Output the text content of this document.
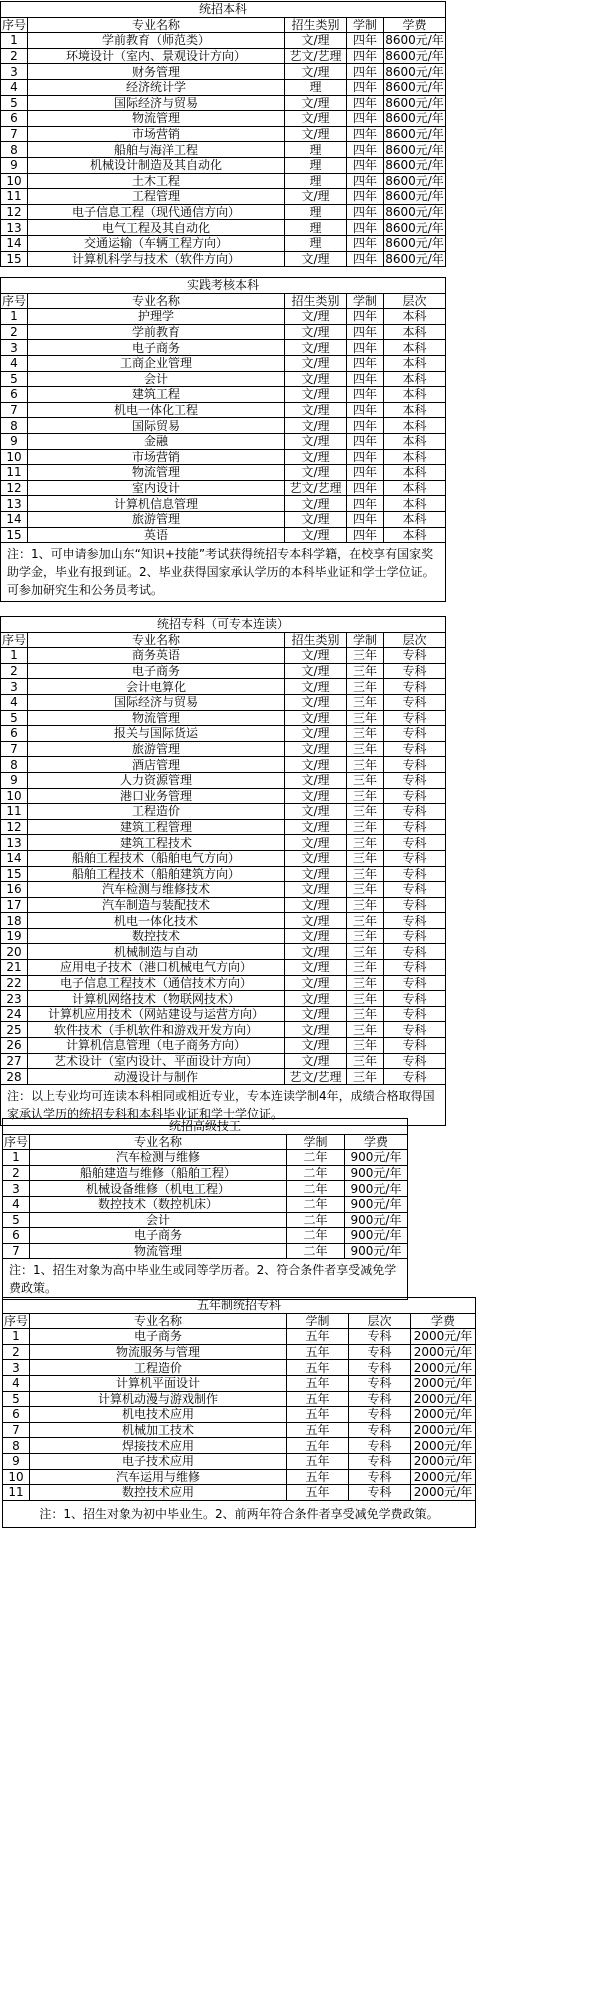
统招本科				
序号	专业名称	招生类别	学制	学费
1	学前教育（师范类）	文/理	四年	8600元/年
2	环境设计（室内、景观设计方向）	艺文/艺理	四年	8600元/年
3	财务管理	文/理	四年	8600元/年
4	经济统计学	理	四年	8600元/年
5	国际经济与贸易	文/理	四年	8600元/年
6	物流管理	文/理	四年	8600元/年
7	市场营销	文/理	四年	8600元/年
8	船舶与海洋工程	理	四年	8600元/年
9	机械设计制造及其自动化	理	四年	8600元/年
10	土木工程	理	四年	8600元/年
11	工程管理	文/理	四年	8600元/年
12	电子信息工程（现代通信方向）	理	四年	8600元/年
13	电气工程及其自动化	理	四年	8600元/年
14	交通运输（车辆工程方向）	理	四年	8600元/年
15	计算机科学与技术（软件方向）	文/理	四年	8600元/年
实践考核本科				
序号	专业名称	招生类别	学制	层次
1	护理学	文/理	四年	本科
2	学前教育	文/理	四年	本科
3	电子商务	文/理	四年	本科
4	工商企业管理	文/理	四年	本科
5	会计	文/理	四年	本科
6	建筑工程	文/理	四年	本科
7	机电一体化工程	文/理	四年	本科
8	国际贸易	文/理	四年	本科
9	金融	文/理	四年	本科
10	市场营销	文/理	四年	本科
11	物流管理	文/理	四年	本科
12	室内设计	艺文/艺理	四年	本科
13	计算机信息管理	文/理	四年	本科
14	旅游管理	文/理	四年	本科
15	英语	文/理	四年	本科
注：1、可申请参加山东“知识+技能”考试获得统招专本科学籍，在校享有国家奖助学金，毕业有报到证。2、毕业获得国家承认学历的本科毕业证和学士学位证。可参加研究生和公务员考试。				
统招专科（可专本连读）				
序号	专业名称	招生类别	学制	层次
1	商务英语	文/理	三年	专科
2	电子商务	文/理	三年	专科
3	会计电算化	文/理	三年	专科
4	国际经济与贸易	文/理	三年	专科
5	物流管理	文/理	三年	专科
6	报关与国际货运	文/理	三年	专科
7	旅游管理	文/理	三年	专科
8	酒店管理	文/理	三年	专科
9	人力资源管理	文/理	三年	专科
10	港口业务管理	文/理	三年	专科
11	工程造价	文/理	三年	专科
12	建筑工程管理	文/理	三年	专科
13	建筑工程技术	文/理	三年	专科
14	船舶工程技术（船舶电气方向）	文/理	三年	专科
15	船舶工程技术（船舶建筑方向）	文/理	三年	专科
16	汽车检测与维修技术	文/理	三年	专科
17	汽车制造与装配技术	文/理	三年	专科
18	机电一体化技术	文/理	三年	专科
19	数控技术	文/理	三年	专科
20	机械制造与自动	文/理	三年	专科
21	应用电子技术（港口机械电气方向）	文/理	三年	专科
22	电子信息工程技术（通信技术方向）	文/理	三年	专科
23	计算机网络技术（物联网技术）	文/理	三年	专科
24	计算机应用技术（网站建设与运营方向）	文/理	三年	专科
25	软件技术（手机软件和游戏开发方向）	文/理	三年	专科
26	计算机信息管理（电子商务方向）	文/理	三年	专科
27	艺术设计（室内设计、平面设计方向）	文/理	三年	专科
28	动漫设计与制作	艺文/艺理	三年	专科
注：以上专业均可连读本科相同或相近专业，专本连读学制4年，成绩合格取得国家承认学历的统招专科和本科毕业证和学士学位证。				
统招高级技工			
序号	专业名称	学制	学费
1	汽车检测与维修	二年	900元/年
2	船舶建造与维修（船舶工程）	二年	900元/年
3	机械设备维修（机电工程）	二年	900元/年
4	数控技术（数控机床）	二年	900元/年
5	会计	二年	900元/年
6	电子商务	二年	900元/年
7	物流管理	二年	900元/年
注：1、招生对象为高中毕业生或同等学历者。2、符合条件者享受减免学费政策。			
五年制统招专科				
序号	专业名称	学制	层次	学费
1	电子商务	五年	专科	2000元/年
2	物流服务与管理	五年	专科	2000元/年
3	工程造价	五年	专科	2000元/年
4	计算机平面设计	五年	专科	2000元/年
5	计算机动漫与游戏制作	五年	专科	2000元/年
6	机电技术应用	五年	专科	2000元/年
7	机械加工技术	五年	专科	2000元/年
8	焊接技术应用	五年	专科	2000元/年
9	电子技术应用	五年	专科	2000元/年
10	汽车运用与维修	五年	专科	2000元/年
11	数控技术应用	五年	专科	2000元/年
注：1、招生对象为初中毕业生。2、前两年符合条件者享受减免学费政策。				
